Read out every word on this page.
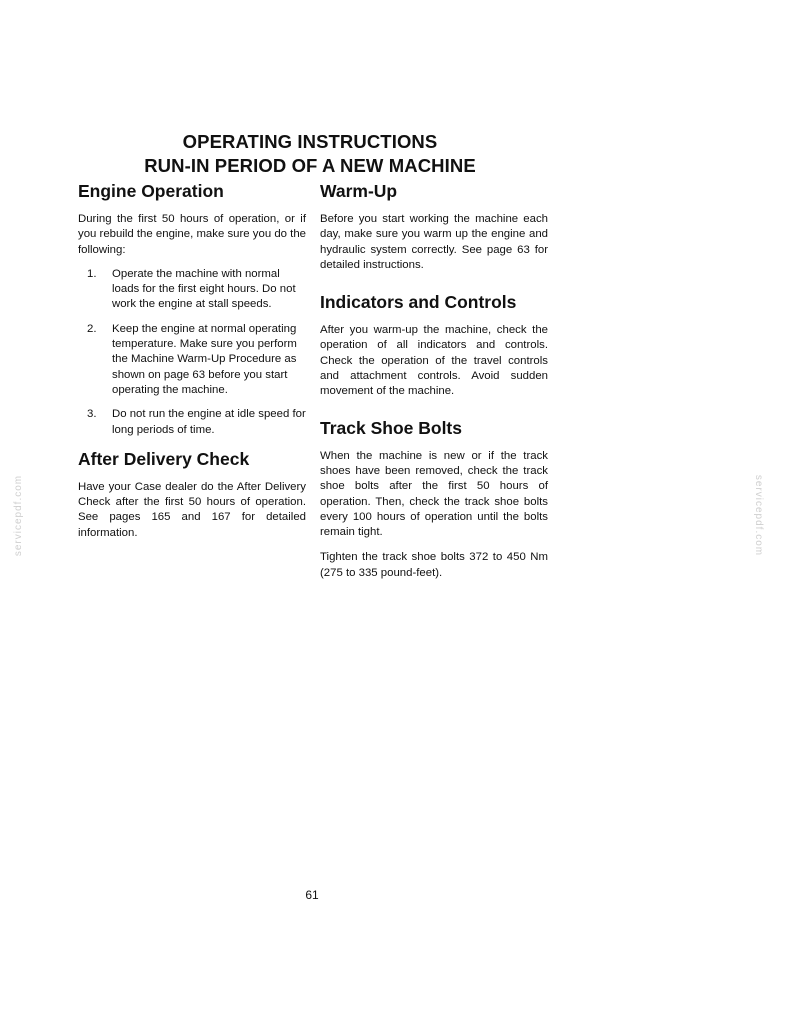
OPERATING INSTRUCTIONS
RUN-IN PERIOD OF A NEW MACHINE
Engine Operation

During the first 50 hours of operation, or if you rebuild the engine, make sure you do the following:

1. Operate the machine with normal loads for the first eight hours. Do not work the engine at stall speeds.
2. Keep the engine at normal operating temperature. Make sure you perform the Machine Warm-Up Procedure as shown on page 63 before you start operating the machine.
3. Do not run the engine at idle speed for long periods of time.
After Delivery Check

Have your Case dealer do the After Delivery Check after the first 50 hours of operation. See pages 165 and 167 for detailed information.

Warm-Up

Before you start working the machine each day, make sure you warm up the engine and hydraulic system correctly. See page 63 for detailed instructions.

Indicators and Controls

After you warm-up the machine, check the operation of all indicators and controls. Check the operation of the travel controls and attachment controls. Avoid sudden movement of the machine.

Track Shoe Bolts

When the machine is new or if the track shoes have been removed, check the track shoe bolts after the first 50 hours of operation. Then, check the track shoe bolts every 100 hours of operation until the bolts remain tight.

Tighten the track shoe bolts 372 to 450 Nm (275 to 335 pound-feet).

61
servicepdf.com	servicepdf.com
